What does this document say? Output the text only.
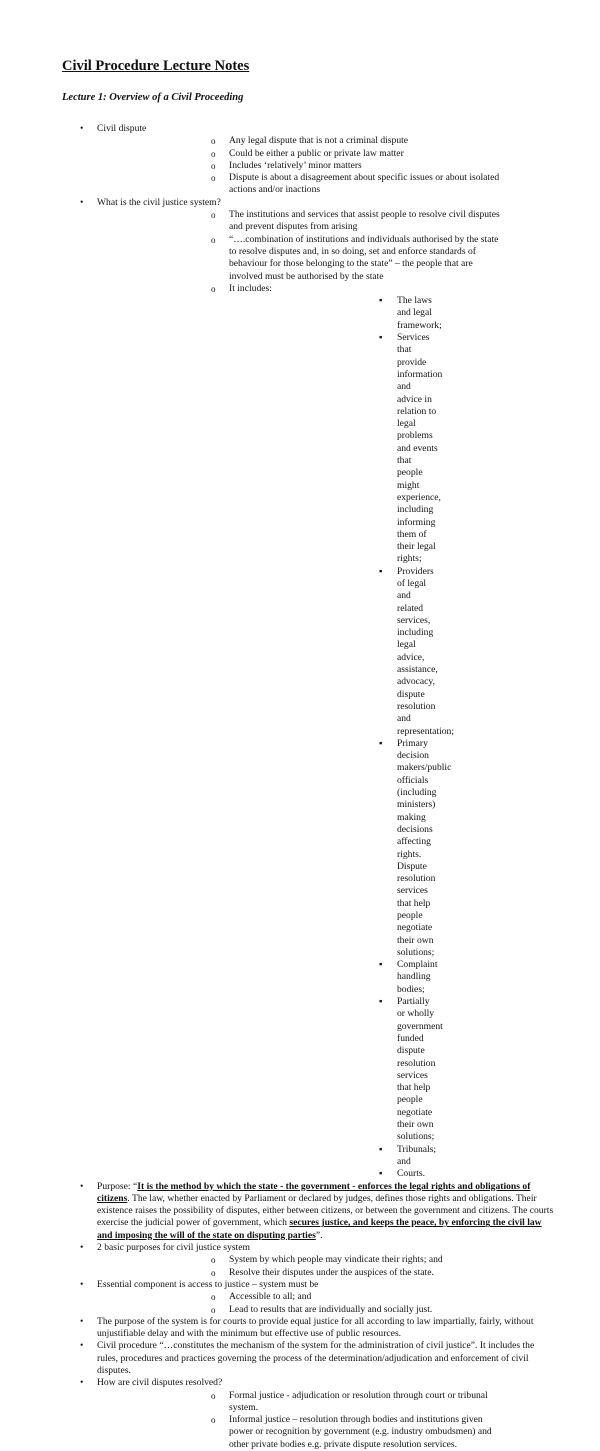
Civil Procedure Lecture Notes
Lecture 1: Overview of a Civil Proceeding
• Civil dispute
o Any legal dispute that is not a criminal dispute
o Could be either a public or private law matter
o Includes ‘relatively’ minor matters
o Dispute is about a disagreement about specific issues or about isolated actions and/or inactions
• What is the civil justice system?
o The institutions and services that assist people to resolve civil disputes and prevent disputes from arising
o “….combination of institutions and individuals authorised by the state to resolve disputes and, in so doing, set and enforce standards of behaviour for those belonging to the state” – the people that are involved must be authorised by the state
o It includes:
▪ The laws and legal framework;
▪ Services that provide information and advice in relation to legal problems and events that people might experience, including informing them of their legal rights;
▪ Providers of legal and related services, including legal advice, assistance, advocacy, dispute resolution and representation;
▪ Primary decision makers/public officials (including ministers) making decisions affecting rights. Dispute resolution services that help people negotiate their own solutions;
▪ Complaint handling bodies;
▪ Partially or wholly government funded dispute resolution services that help people negotiate their own solutions;
▪ Tribunals; and
▪ Courts.
• Purpose: “It is the method by which the state - the government - enforces the legal rights and obligations of citizens. The law, whether enacted by Parliament or declared by judges, defines those rights and obligations. Their existence raises the possibility of disputes, either between citizens, or between the government and citizens. The courts exercise the judicial power of government, which secures justice, and keeps the peace, by enforcing the civil law and imposing the will of the state on disputing parties”.
• 2 basic purposes for civil justice system
o System by which people may vindicate their rights; and
o Resolve their disputes under the auspices of the state.
• Essential component is access to justice – system must be
o Accessible to all; and
o Lead to results that are individually and socially just.
• The purpose of the system is for courts to provide equal justice for all according to law impartially, fairly, without unjustifiable delay and with the minimum but effective use of public resources.
• Civil procedure “…constitutes the mechanism of the system for the administration of civil justice”. It includes the rules, procedures and practices governing the process of the determination/adjudication and enforcement of civil disputes.
• How are civil disputes resolved?
o Formal justice - adjudication or resolution through court or tribunal system.
o Informal justice – resolution through bodies and institutions given power or recognition by government (e.g. industry ombudsmen) and other private bodies e.g. private dispute resolution services.
